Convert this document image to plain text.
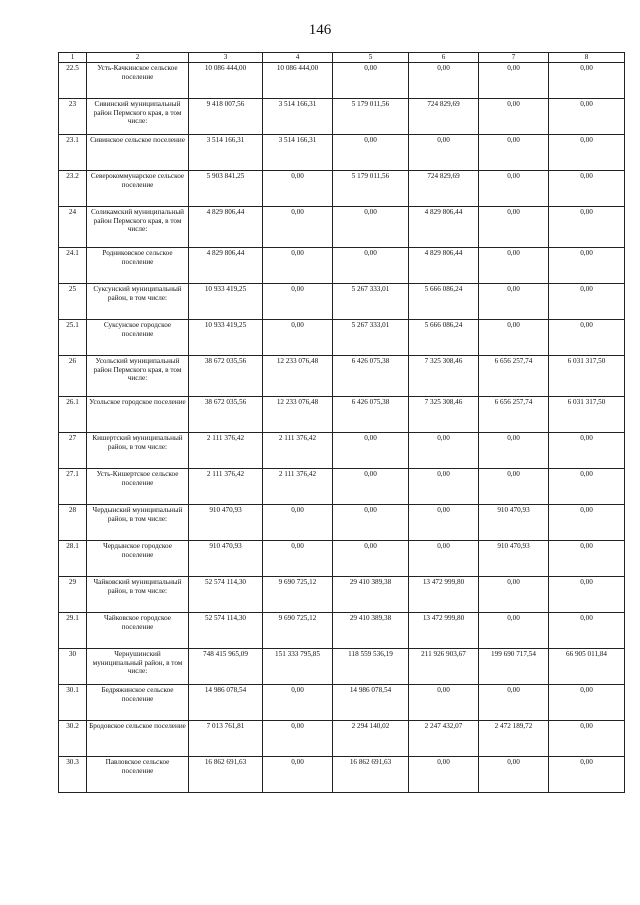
146
1	2	3	4	5	6	7	8
22.5	Усть-Качкинское сельское поселение	10 086 444,00	10 086 444,00	0,00	0,00	0,00	0,00
23	Сивинский муниципальный район Пермского края, в том числе:	9 418 007,56	3 514 166,31	5 179 011,56	724 829,69	0,00	0,00
23.1	Сивинское сельское поселение	3 514 166,31	3 514 166,31	0,00	0,00	0,00	0,00
23.2	Северокоммунарское сельское поселение	5 903 841,25	0,00	5 179 011,56	724 829,69	0,00	0,00
24	Соликамский муниципальный район Пермского края, в том числе:	4 829 806,44	0,00	0,00	4 829 806,44	0,00	0,00
24.1	Родниковское сельское поселение	4 829 806,44	0,00	0,00	4 829 806,44	0,00	0,00
25	Суксунский муниципальный район, в том числе:	10 933 419,25	0,00	5 267 333,01	5 666 086,24	0,00	0,00
25.1	Суксунское городское поселение	10 933 419,25	0,00	5 267 333,01	5 666 086,24	0,00	0,00
26	Усольский муниципальный район Пермского края, в том числе:	38 672 035,56	12 233 076,48	6 426 075,38	7 325 308,46	6 656 257,74	6 031 317,50
26.1	Усольское городское поселение	38 672 035,56	12 233 076,48	6 426 075,38	7 325 308,46	6 656 257,74	6 031 317,50
27	Кишертский муниципальный район, в том числе:	2 111 376,42	2 111 376,42	0,00	0,00	0,00	0,00
27.1	Усть-Кишертское сельское поселение	2 111 376,42	2 111 376,42	0,00	0,00	0,00	0,00
28	Чердынский муниципальный район, в том числе:	910 470,93	0,00	0,00	0,00	910 470,93	0,00
28.1	Чердынское городское поселение	910 470,93	0,00	0,00	0,00	910 470,93	0,00
29	Чайковский муниципальный район, в том числе:	52 574 114,30	9 690 725,12	29 410 389,38	13 472 999,80	0,00	0,00
29.1	Чайковское городское поселение	52 574 114,30	9 690 725,12	29 410 389,38	13 472 999,80	0,00	0,00
30	Чернушинский муниципальный район, в том числе:	748 415 965,09	151 333 795,85	118 559 536,19	211 926 903,67	199 690 717,54	66 905 011,84
30.1	Бедряжинское сельское поселение	14 986 078,54	0,00	14 986 078,54	0,00	0,00	0,00
30.2	Бродовское сельское поселение	7 013 761,81	0,00	2 294 140,02	2 247 432,07	2 472 189,72	0,00
30.3	Павловское сельское поселение	16 862 691,63	0,00	16 862 691,63	0,00	0,00	0,00
